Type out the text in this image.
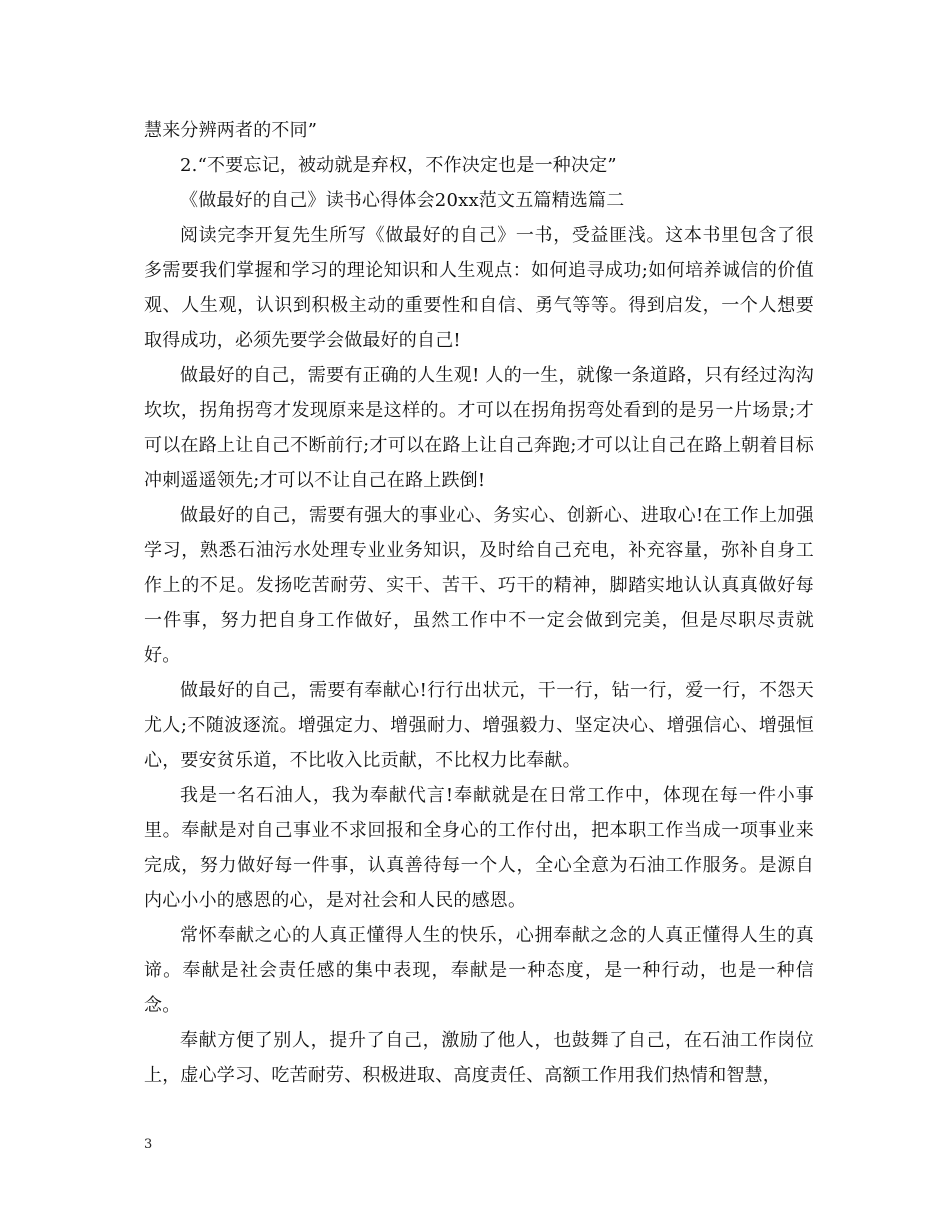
慧来分辨两者的不同”

2.“不要忘记，被动就是弃权，不作决定也是一种决定”

《做最好的自己》读书心得体会20xx范文五篇精选篇二

阅读完李开复先生所写《做最好的自己》一书，受益匪浅。这本书里包含了很多需要我们掌握和学习的理论知识和人生观点：如何追寻成功;如何培养诚信的价值观、人生观，认识到积极主动的重要性和自信、勇气等等。得到启发，一个人想要取得成功，必须先要学会做最好的自己!

做最好的自己，需要有正确的人生观! 人的一生，就像一条道路，只有经过沟沟坎坎，拐角拐弯才发现原来是这样的。才可以在拐角拐弯处看到的是另一片场景;才可以在路上让自己不断前行;才可以在路上让自己奔跑;才可以让自己在路上朝着目标冲刺遥遥领先;才可以不让自己在路上跌倒!

做最好的自己，需要有强大的事业心、务实心、创新心、进取心!在工作上加强学习，熟悉石油污水处理专业业务知识，及时给自己充电，补充容量，弥补自身工作上的不足。发扬吃苦耐劳、实干、苦干、巧干的精神，脚踏实地认认真真做好每一件事，努力把自身工作做好，虽然工作中不一定会做到完美，但是尽职尽责就好。

做最好的自己，需要有奉献心!行行出状元，干一行，钻一行，爱一行，不怨天尤人;不随波逐流。增强定力、增强耐力、增强毅力、坚定决心、增强信心、增强恒心，要安贫乐道，不比收入比贡献，不比权力比奉献。

我是一名石油人，我为奉献代言!奉献就是在日常工作中，体现在每一件小事里。奉献是对自己事业不求回报和全身心的工作付出，把本职工作当成一项事业来完成，努力做好每一件事，认真善待每一个人，全心全意为石油工作服务。是源自内心小小的感恩的心，是对社会和人民的感恩。

常怀奉献之心的人真正懂得人生的快乐，心拥奉献之念的人真正懂得人生的真谛。奉献是社会责任感的集中表现，奉献是一种态度，是一种行动，也是一种信念。

奉献方便了别人，提升了自己，激励了他人，也鼓舞了自己，在石油工作岗位上，虚心学习、吃苦耐劳、积极进取、高度责任、高额工作用我们热情和智慧，

3
